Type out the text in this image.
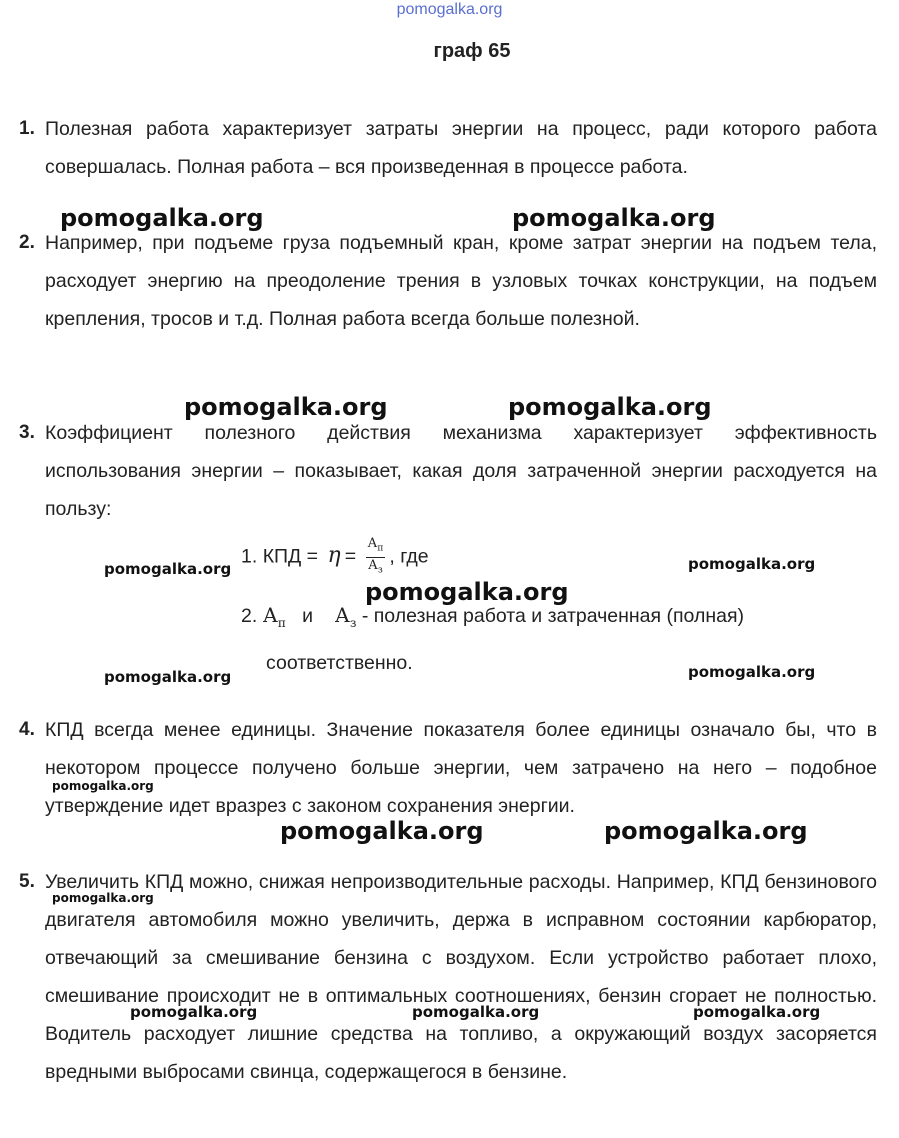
pomogalka.org
граф 65
1. Полезная работа характеризует затраты энергии на процесс, ради которого работа совершалась. Полная работа – вся произведенная в процессе работа.
2. Например, при подъеме груза подъемный кран, кроме затрат энергии на подъем тела, расходует энергию на преодоление трения в узловых точках конструкции, на подъем крепления, тросов и т.д. Полная работа всегда больше полезной.
3. Коэффициент полезного действия механизма характеризует эффективность использования энергии – показывает, какая доля затраченной энергии расходуется на пользу:
1. КПД = $\eta = \frac{А_п}{А_з}$ , где
2. $А_п$ и $А_з$ - полезная работа и затраченная (полная)
соответственно.
4. КПД всегда менее единицы. Значение показателя более единицы означало бы, что в некотором процессе получено больше энергии, чем затрачено на него – подобное утверждение идет вразрез с законом сохранения энергии.
5. Увеличить КПД можно, снижая непроизводительные расходы. Например, КПД бензинового двигателя автомобиля можно увеличить, держа в исправном состоянии карбюратор, отвечающий за смешивание бензина с воздухом. Если устройство работает плохо, смешивание происходит не в оптимальных соотношениях, бензин сгорает не полностью. Водитель расходует лишние средства на топливо, а окружающий воздух засоряется вредными выбросами свинца, содержащегося в бензине.
pomogalka.org	pomogalka.org
pomogalka.org	pomogalka.org
pomogalka.org	pomogalka.org
pomogalka.org
pomogalka.org	pomogalka.org
pomogalka.org
pomogalka.org	pomogalka.org
pomogalka.org
pomogalka.org	pomogalka.org	pomogalka.org
